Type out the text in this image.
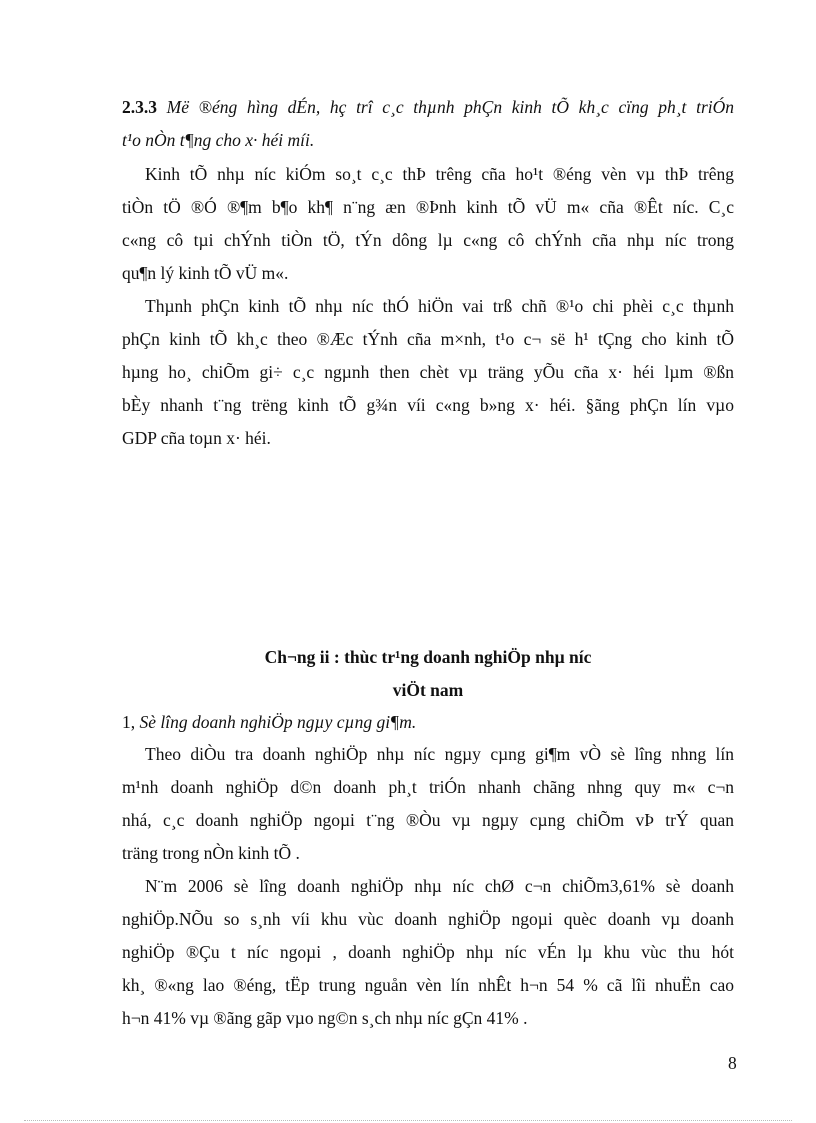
2.3.3 Më ®éng hìng dÉn, hç trî c¸c thµnh phÇn kinh tÕ kh¸c cïng ph¸t triÓn
t¹o nÒn t¶ng cho x· héi míi.
Kinh tÕ nhµ níc kiÓm so¸t c¸c thÞ trêng cña ho¹t ®éng vèn vµ thÞ trêng
tiÒn tÖ ®Ó ®¶m b¶o kh¶ n¨ng æn ®Þnh kinh tÕ vÜ m« cña ®Êt níc. C¸c
c«ng cô tµi chÝnh tiÒn tÖ, tÝn dông lµ c«ng cô chÝnh cña nhµ níc trong
qu¶n lý kinh tÕ vÜ m«.
Thµnh phÇn kinh tÕ nhµ níc thÓ hiÖn vai trß chñ ®¹o chi phèi c¸c thµnh
phÇn kinh tÕ kh¸c theo ®Æc tÝnh cña m×nh, t¹o c¬ së h¹ tÇng cho kinh tÕ
hµng ho¸ chiÕm gi÷ c¸c ngµnh then chèt vµ träng yÕu cña x· héi lµm ®ßn
bÈy nhanh t¨ng trëng kinh tÕ g¾n víi c«ng b»ng x· héi. §ãng phÇn lín vµo
GDP cña toµn x· héi.
Ch¬ng ii : thùc tr¹ng doanh nghiÖp nhµ níc
viÖt nam
1, Sè lîng doanh nghiÖp ngµy cµng gi¶m.
Theo diÒu tra doanh nghiÖp nhµ níc ngµy cµng gi¶m vÒ sè lîng nhng lín
m¹nh doanh nghiÖp d©n doanh ph¸t triÓn nhanh chãng nhng quy m« c¬n
nhá, c¸c doanh nghiÖp ngoµi t¨ng ®Òu vµ ngµy cµng chiÕm vÞ trÝ quan
träng trong nÒn kinh tÕ .
N¨m 2006 sè lîng doanh nghiÖp nhµ níc chØ c¬n chiÕm3,61% sè doanh
nghiÖp.NÕu so s¸nh víi khu vùc doanh nghiÖp ngoµi quèc doanh vµ doanh
nghiÖp ®Çu t níc ngoµi , doanh nghiÖp nhµ níc vÉn lµ khu vùc thu hót
kh¸ ®«ng lao ®éng, tËp trung nguån vèn lín nhÊt h¬n 54 % cã lîi nhuËn cao
h¬n 41% vµ ®ãng gãp vµo ng©n s¸ch nhµ níc gÇn 41% .
8
